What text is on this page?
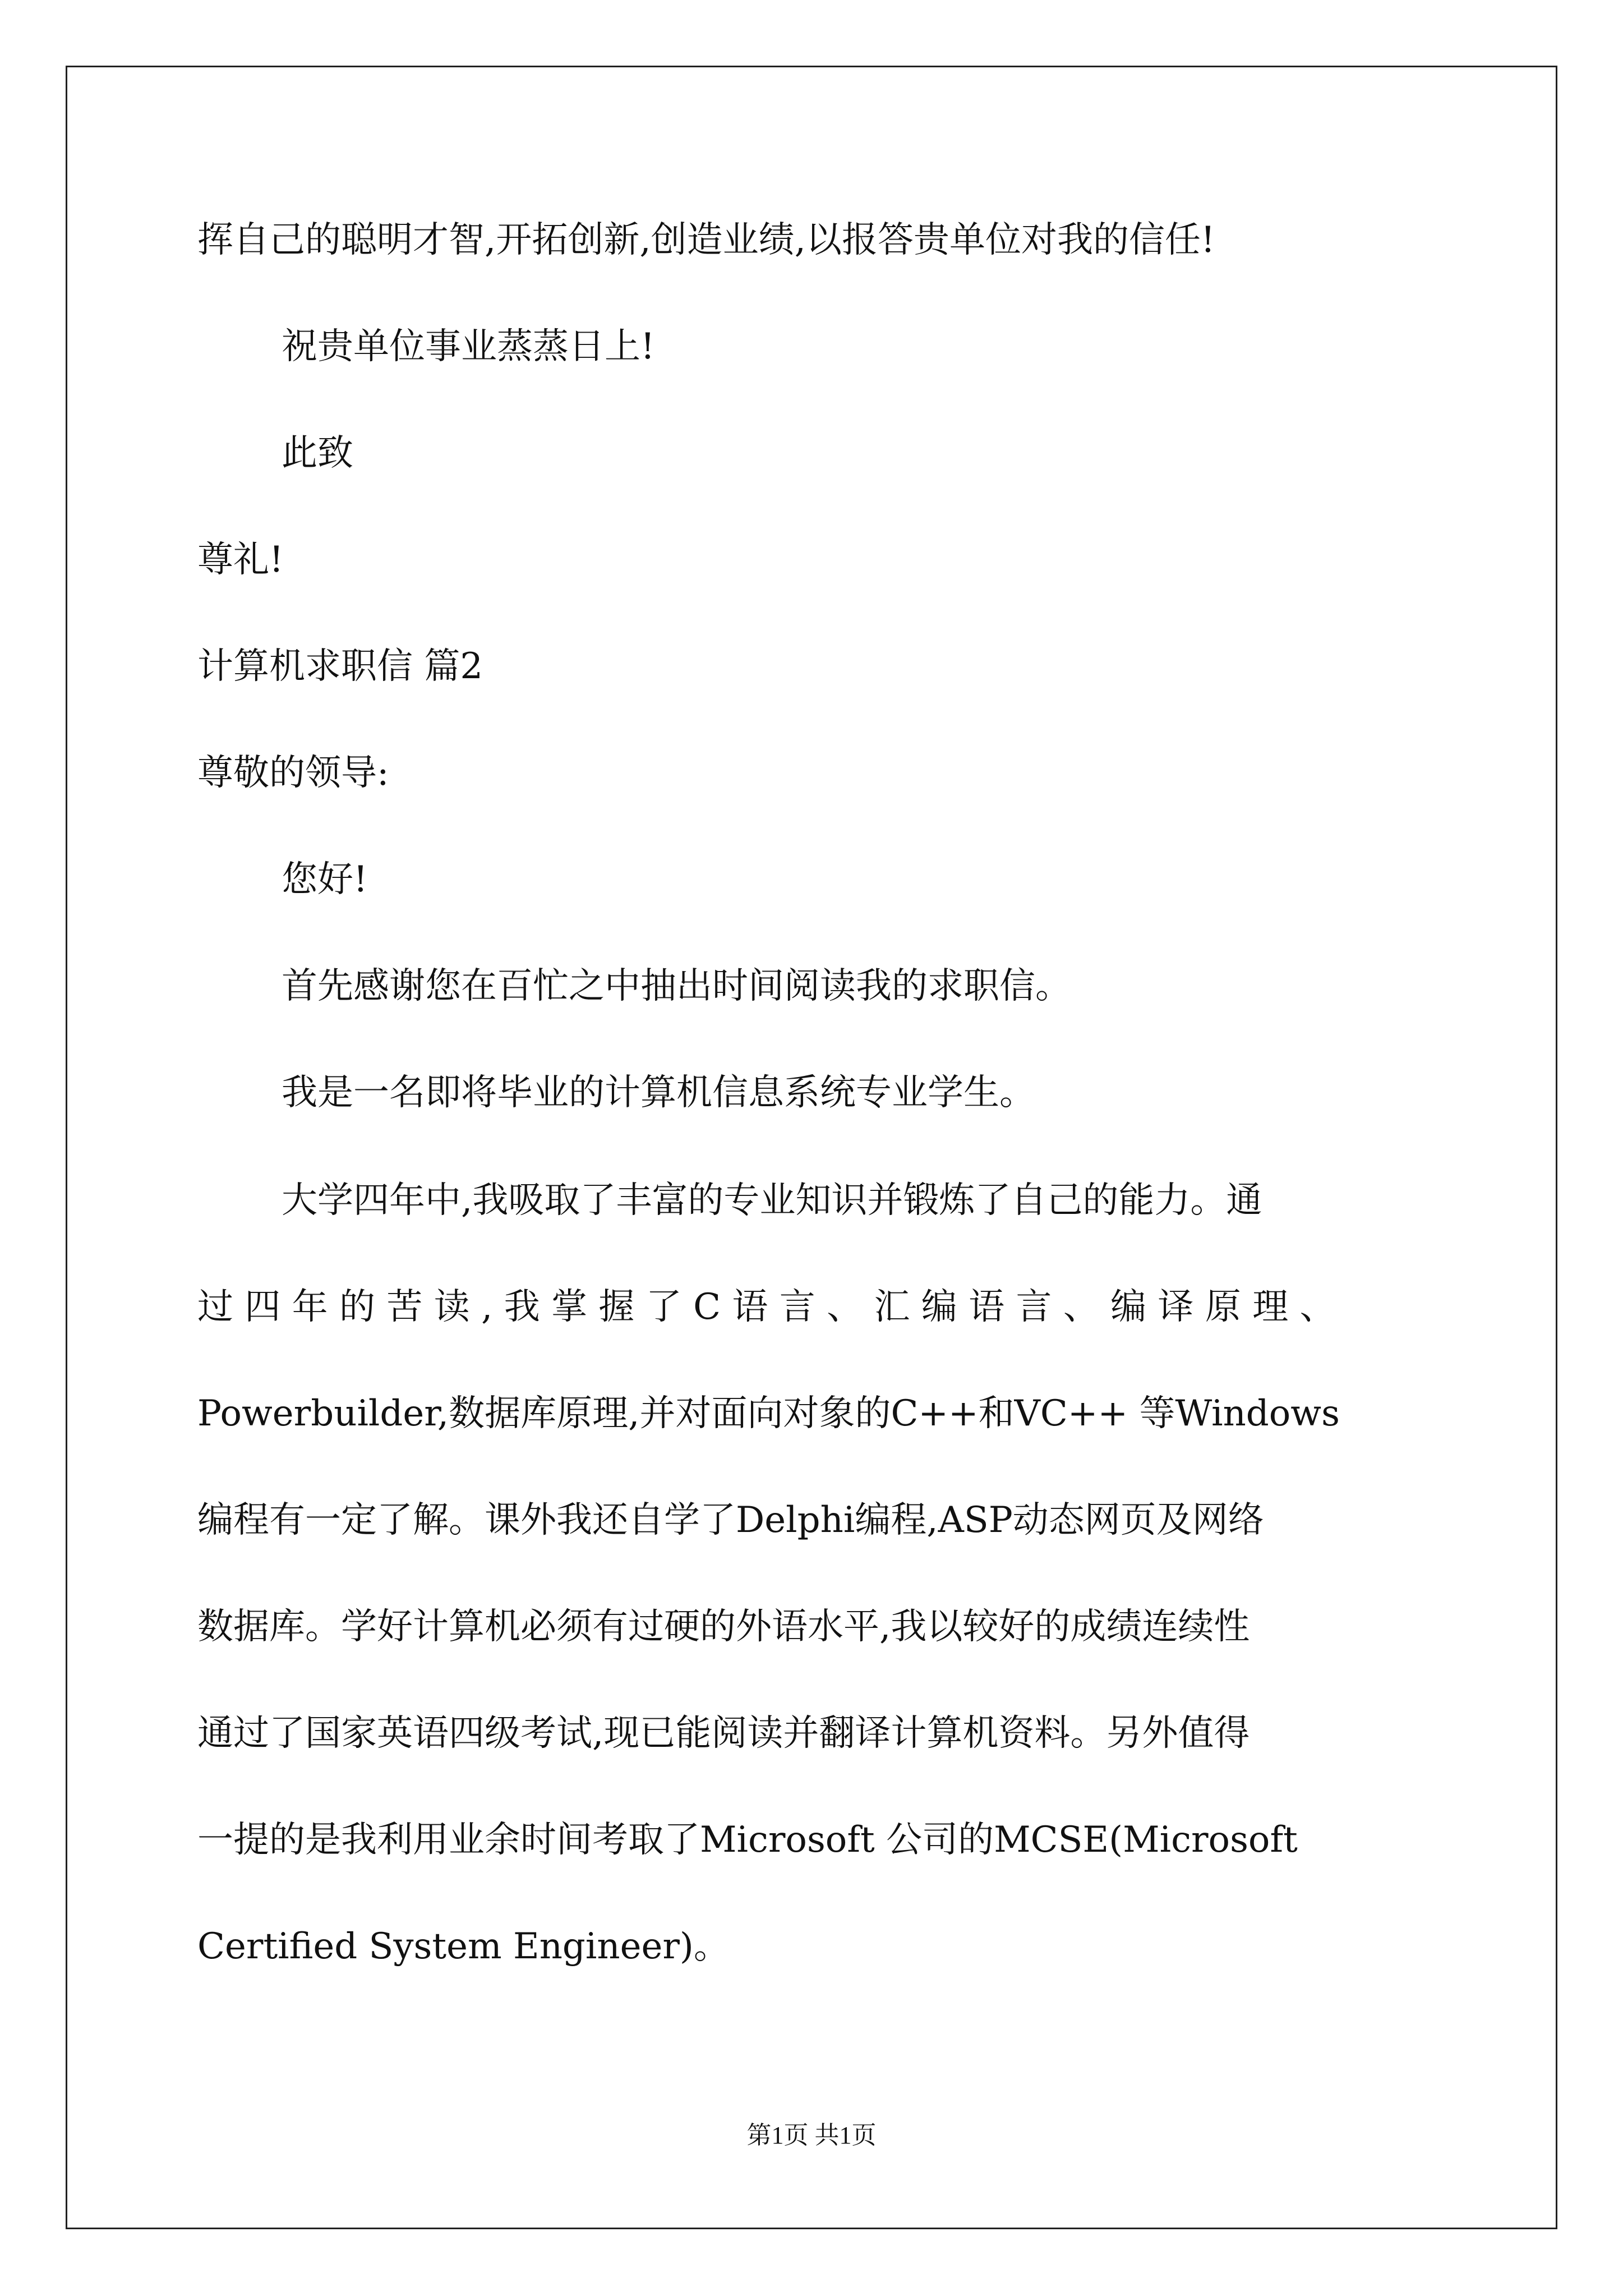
挥自己的聪明才智,开拓创新,创造业绩,以报答贵单位对我的信任!

祝贵单位事业蒸蒸日上!

此致

尊礼!

计算机求职信 篇2

尊敬的领导:

您好!

首先感谢您在百忙之中抽出时间阅读我的求职信。

我是一名即将毕业的计算机信息系统专业学生。

大学四年中,我吸取了丰富的专业知识并锻炼了自己的能力。通
过 四 年 的 苦 读 , 我 掌 握 了 C 语 言 、 汇 编 语 言 、 编 译 原 理 、
Powerbuilder,数据库原理,并对面向对象的C++和VC++ 等Windows
编程有一定了解。课外我还自学了Delphi编程,ASP动态网页及网络
数据库。学好计算机必须有过硬的外语水平,我以较好的成绩连续性
通过了国家英语四级考试,现已能阅读并翻译计算机资料。另外值得
一提的是我利用业余时间考取了Microsoft 公司的MCSE(Microsoft
Certified System Engineer)。
第1页 共1页
